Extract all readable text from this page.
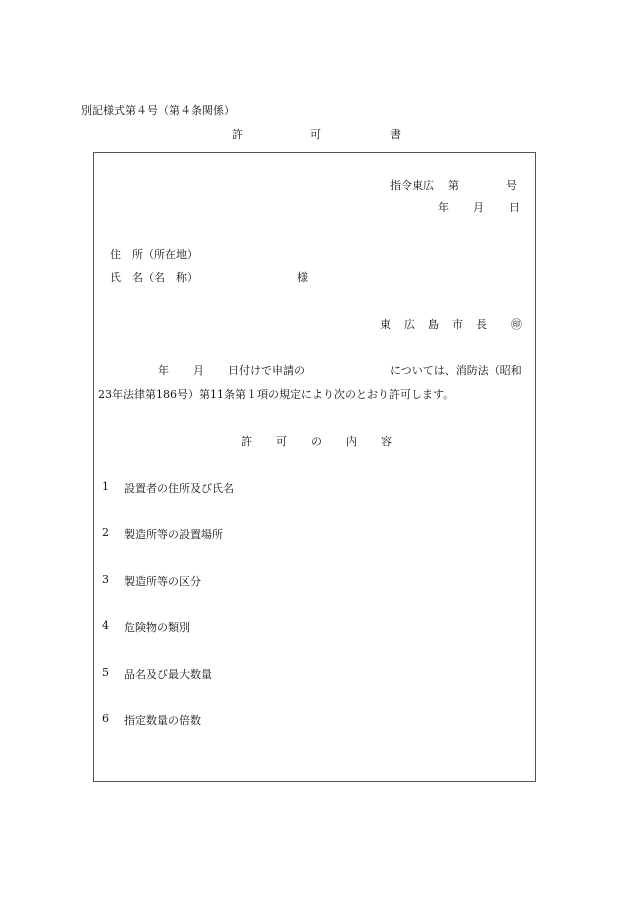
別記様式第４号（第４条関係）
許	可	書
指令東広 第	号
年 月 日
住　所（所在地）
氏　名（名　称）	様
東 広 島 市 長 ㊞
年 月 日付けで申請の	については、消防法（昭和
23年法律第186号）第11条第１項の規定により次のとおり許可します。
許 可 の 内 容
1 設置者の住所及び氏名
2 製造所等の設置場所
3 製造所等の区分
4 危険物の類別
5 品名及び最大数量
6 指定数量の倍数
